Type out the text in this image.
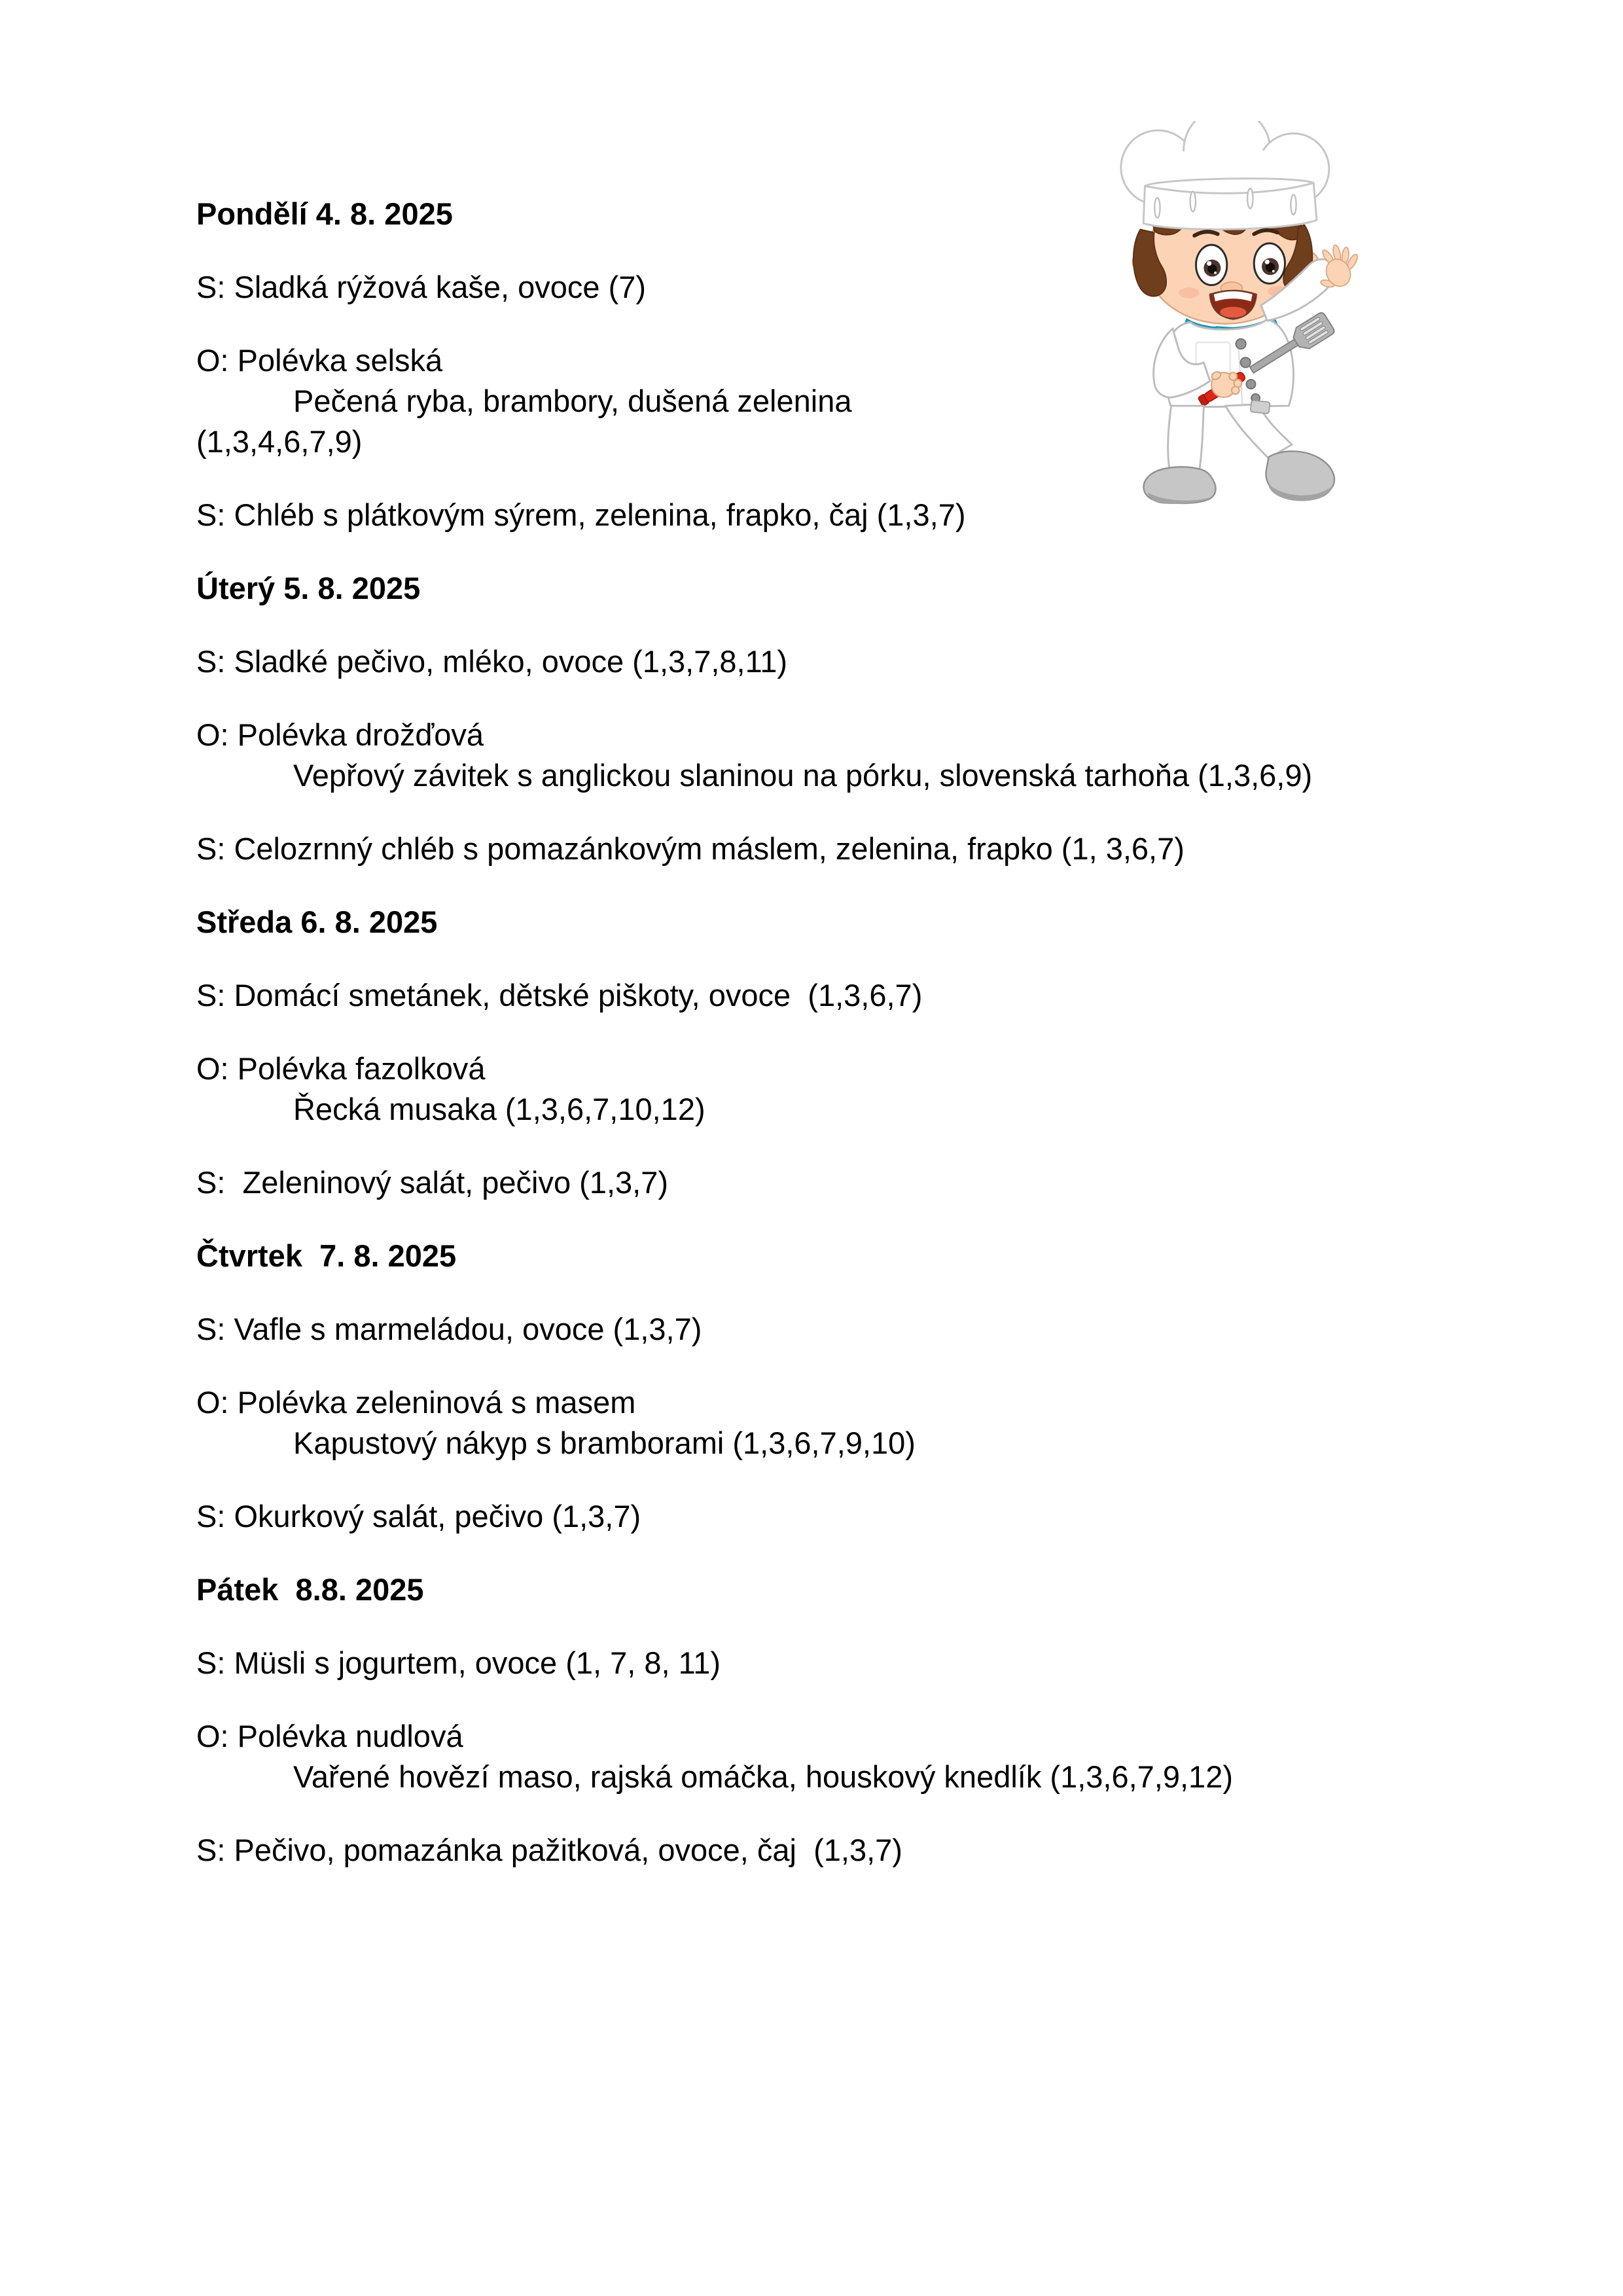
Pondělí 4. 8. 2025

S: Sladká rýžová kaše, ovoce (7)

O: Polévka selská
Pečená ryba, brambory, dušená zelenina
(1,3,4,6,7,9)

S: Chléb s plátkovým sýrem, zelenina, frapko, čaj (1,3,7)

Úterý 5. 8. 2025

S: Sladké pečivo, mléko, ovoce (1,3,7,8,11)

O: Polévka drožďová
Vepřový závitek s anglickou slaninou na pórku, slovenská tarhoňa (1,3,6,9)

S: Celozrnný chléb s pomazánkovým máslem, zelenina, frapko (1, 3,6,7)

Středa 6. 8. 2025

S: Domácí smetánek, dětské piškoty, ovoce  (1,3,6,7)

O: Polévka fazolková
Řecká musaka (1,3,6,7,10,12)

S:  Zeleninový salát, pečivo (1,3,7)

Čtvrtek  7. 8. 2025

S: Vafle s marmeládou, ovoce (1,3,7)

O: Polévka zeleninová s masem
Kapustový nákyp s bramborami (1,3,6,7,9,10)

S: Okurkový salát, pečivo (1,3,7)

Pátek  8.8. 2025

S: Müsli s jogurtem, ovoce (1, 7, 8, 11)

O: Polévka nudlová
Vařené hovězí maso, rajská omáčka, houskový knedlík (1,3,6,7,9,12)

S: Pečivo, pomazánka pažitková, ovoce, čaj  (1,3,7)
